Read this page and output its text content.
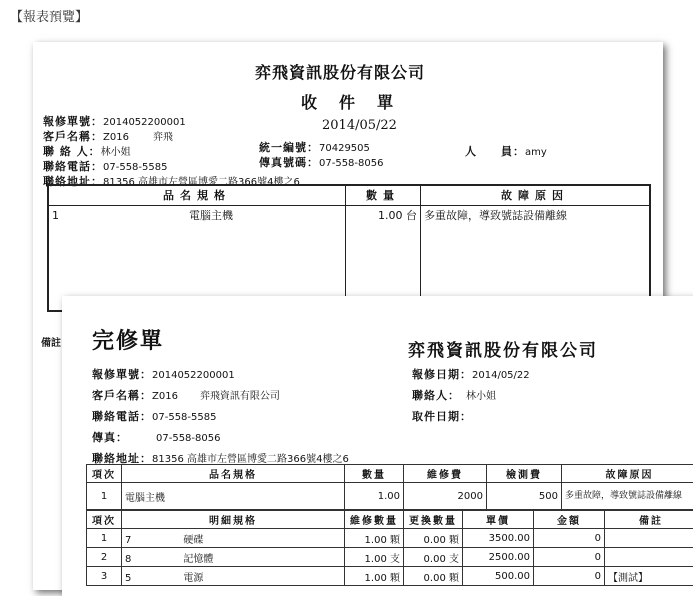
【報表預覽】
弈飛資訊股份有限公司
收件單
2014/05/22
報修單號：2014052200001
客戶名稱：Z016 弈飛
聯 絡 人：林小姐
聯絡電話：07-558-5585
聯絡地址：81356 高雄市左營區博愛二路366號4樓之6
統一編號：70429505
傳真號碼：07-558-8056
人　　員：amy
品名規格	數量	故障原因
1 電腦主機	1.00 台	多重故障，導致號誌設備離線
備註 完修單	弈飛資訊股份有限公司
報修單號：2014052200001
客戶名稱：Z016 弈飛資訊有限公司
聯絡電話：07-558-5585
傳真：	07-558-8056
聯絡地址：81356 高雄市左營區博愛二路366號4樓之6
報修日期：2014/05/22
聯絡人： 林小姐
取件日期：
項次	品名規格	數量	維修費	檢測費	故障原因
1	電腦主機	1.00	2000	500	多重故障，導致號誌設備離線
項次	明細規格	維修數量	更換數量	單價	金額	備註
1	7 硬碟	1.00 顆	0.00 顆	3500.00	0	
2	8 記憶體	1.00 支	0.00 支	2500.00	0	
3	5 電源	1.00 顆	0.00 顆	500.00	0	【測試】
